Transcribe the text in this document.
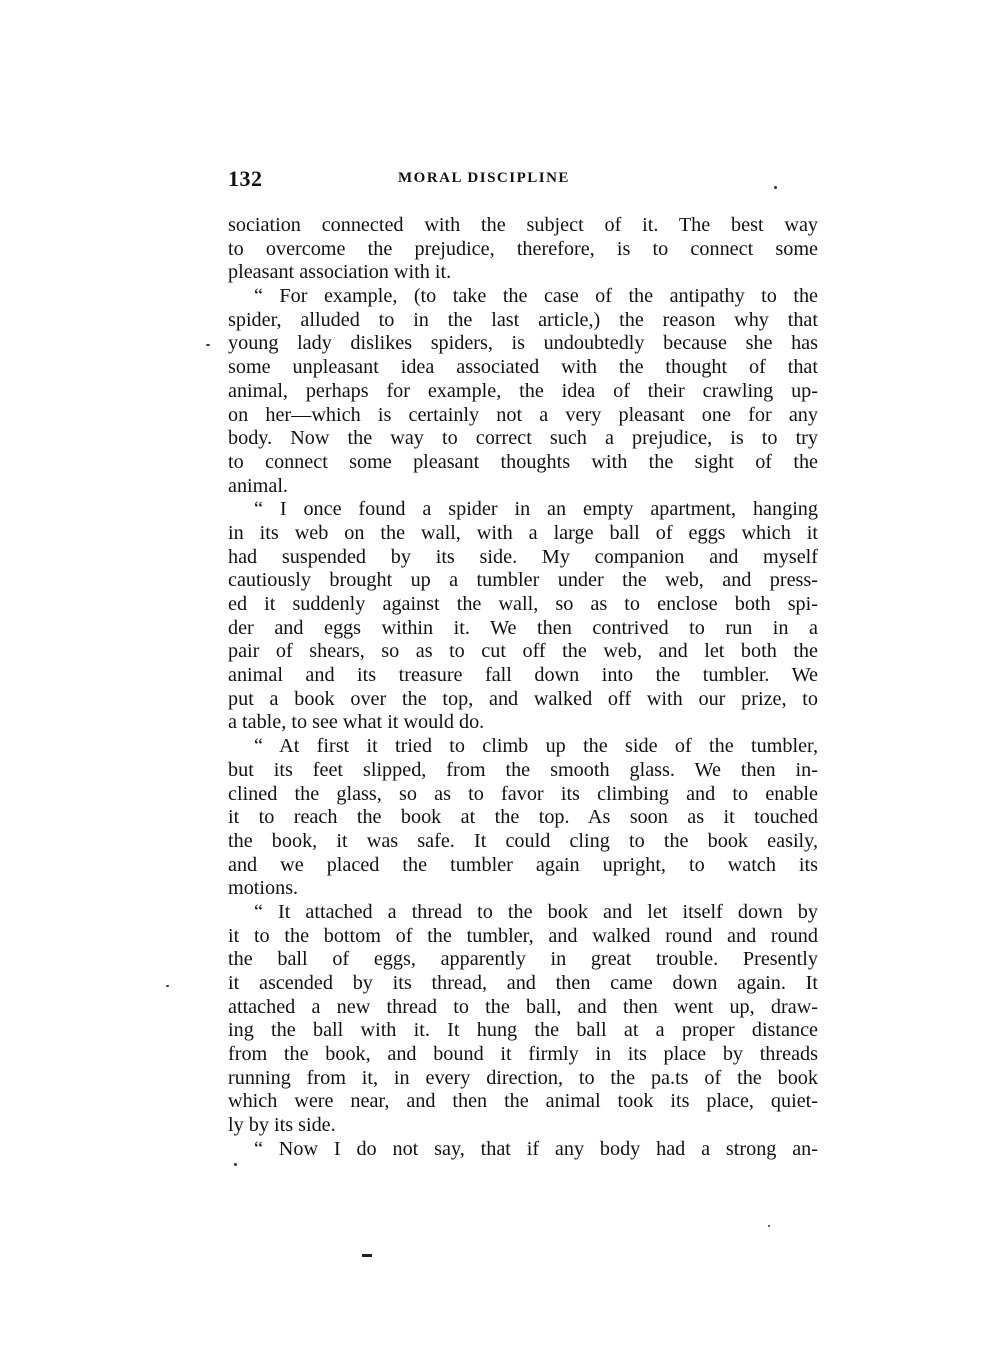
132	MORAL DISCIPLINE
sociation connected with the subject of it. The best way
to overcome the prejudice, therefore, is to connect some
pleasant association with it.
“ For example, (to take the case of the antipathy to the
spider, alluded to in the last article,) the reason why that
young lady dislikes spiders, is undoubtedly because she has
some unpleasant idea associated with the thought of that
animal, perhaps for example, the idea of their crawling up-
on her—which is certainly not a very pleasant one for any
body. Now the way to correct such a prejudice, is to try
to connect some pleasant thoughts with the sight of the
animal.
“ I once found a spider in an empty apartment, hanging
in its web on the wall, with a large ball of eggs which it
had suspended by its side. My companion and myself
cautiously brought up a tumbler under the web, and press-
ed it suddenly against the wall, so as to enclose both spi-
der and eggs within it. We then contrived to run in a
pair of shears, so as to cut off the web, and let both the
animal and its treasure fall down into the tumbler. We
put a book over the top, and walked off with our prize, to
a table, to see what it would do.
“ At first it tried to climb up the side of the tumbler,
but its feet slipped, from the smooth glass. We then in-
clined the glass, so as to favor its climbing and to enable
it to reach the book at the top. As soon as it touched
the book, it was safe. It could cling to the book easily,
and we placed the tumbler again upright, to watch its
motions.
“ It attached a thread to the book and let itself down by
it to the bottom of the tumbler, and walked round and round
the ball of eggs, apparently in great trouble. Presently
it ascended by its thread, and then came down again. It
attached a new thread to the ball, and then went up, draw-
ing the ball with it. It hung the ball at a proper distance
from the book, and bound it firmly in its place by threads
running from it, in every direction, to the pa.ts of the book
which were near, and then the animal took its place, quiet-
ly by its side.
“ Now I do not say, that if any body had a strong an-
